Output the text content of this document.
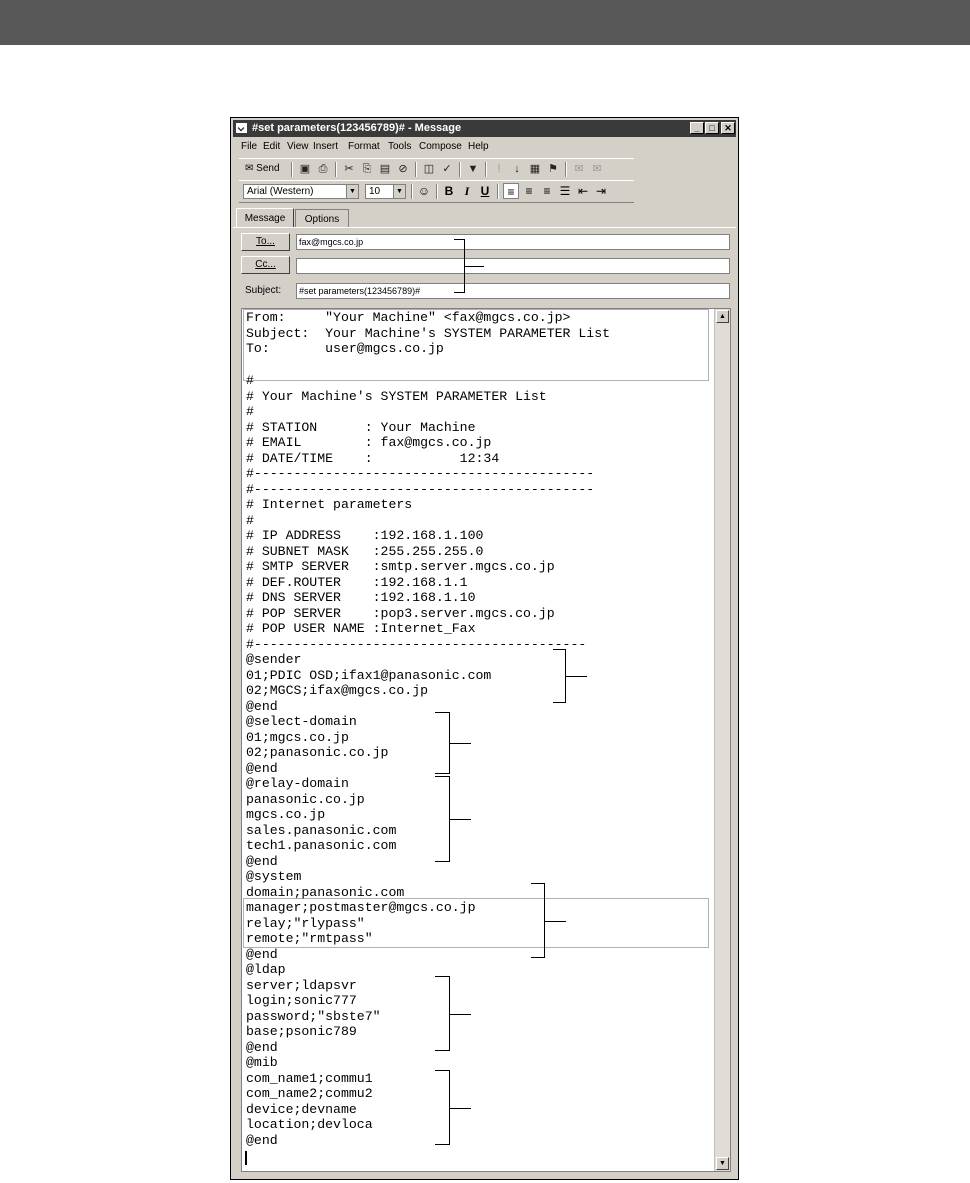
#set parameters(123456789)# - Message	_	□	✕
File Edit View Insert Format Tools Compose Help
✉ Send ▣ ⎙	✂ ⎘ ▤ ⊘	◫ ✓	▼	!	↓ ▦ ⚑	✉ ✉
Arial (Western)	▼	10	▼ ☺	B I U	≡ ≡ ≡ ☰ ⇤ ⇥
Message	Options
To...	fax@mgcs.co.jp
Cc...
Subject:	#set parameters(123456789)#
From:     "Your Machine" <fax@mgcs.co.jp>
Subject:  Your Machine's SYSTEM PARAMETER List
To:       user@mgcs.co.jp
#
# Your Machine's SYSTEM PARAMETER List
#
# STATION      : Your Machine
# EMAIL        : fax@mgcs.co.jp
# DATE/TIME    :           12:34
#-------------------------------------------
#-------------------------------------------
# Internet parameters
#
# IP ADDRESS    :192.168.1.100
# SUBNET MASK   :255.255.255.0
# SMTP SERVER   :smtp.server.mgcs.co.jp
# DEF.ROUTER    :192.168.1.1
# DNS SERVER    :192.168.1.10
# POP SERVER    :pop3.server.mgcs.co.jp
# POP USER NAME :Internet_Fax
#------------------------------------------
@sender
01;PDIC OSD;ifax1@panasonic.com
02;MGCS;ifax@mgcs.co.jp
@end
@select-domain
01;mgcs.co.jp
02;panasonic.co.jp
@end
@relay-domain
panasonic.co.jp
mgcs.co.jp
sales.panasonic.com
tech1.panasonic.com
@end
@system
domain;panasonic.com
manager;postmaster@mgcs.co.jp
relay;"rlypass"
remote;"rmtpass"
@end
@ldap
server;ldapsvr
login;sonic777
password;"sbste7"
base;psonic789
@end
@mib
com_name1;commu1
com_name2;commu2
device;devname
location;devloca
@end
▲
▼
